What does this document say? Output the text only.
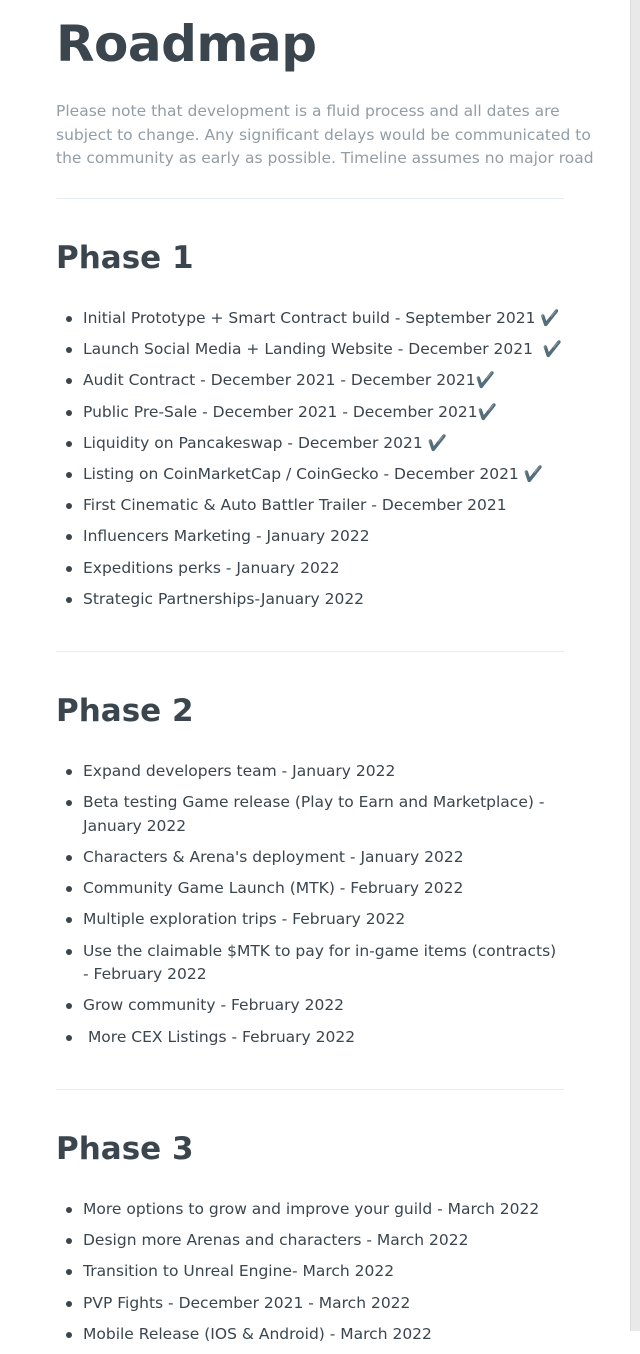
Roadmap

Please note that development is a fluid process and all dates are
subject to change. Any significant delays would be communicated to
the community as early as possible. Timeline assumes no major road

Phase 1
Initial Prototype + Smart Contract build - September 2021 ✔️
Launch Social Media + Landing Website - December 2021  ✔️
Audit Contract - December 2021 - December 2021✔️
Public Pre-Sale - December 2021 - December 2021✔️
Liquidity on Pancakeswap - December 2021 ✔️
Listing on CoinMarketCap / CoinGecko - December 2021 ✔️
First Cinematic & Auto Battler Trailer - December 2021
Influencers Marketing - January 2022
Expeditions perks - January 2022
Strategic Partnerships-January 2022
Phase 2
Expand developers team - January 2022
Beta testing Game release (Play to Earn and Marketplace) - January 2022
Characters & Arena's deployment - January 2022
Community Game Launch (MTK) - February 2022
Multiple exploration trips - February 2022
Use the claimable $MTK to pay for in-game items (contracts) - February 2022
Grow community - February 2022
More CEX Listings - February 2022
Phase 3
More options to grow and improve your guild - March 2022
Design more Arenas and characters - March 2022
Transition to Unreal Engine- March 2022
PVP Fights - December 2021 - March 2022
Mobile Release (IOS & Android) - March 2022
